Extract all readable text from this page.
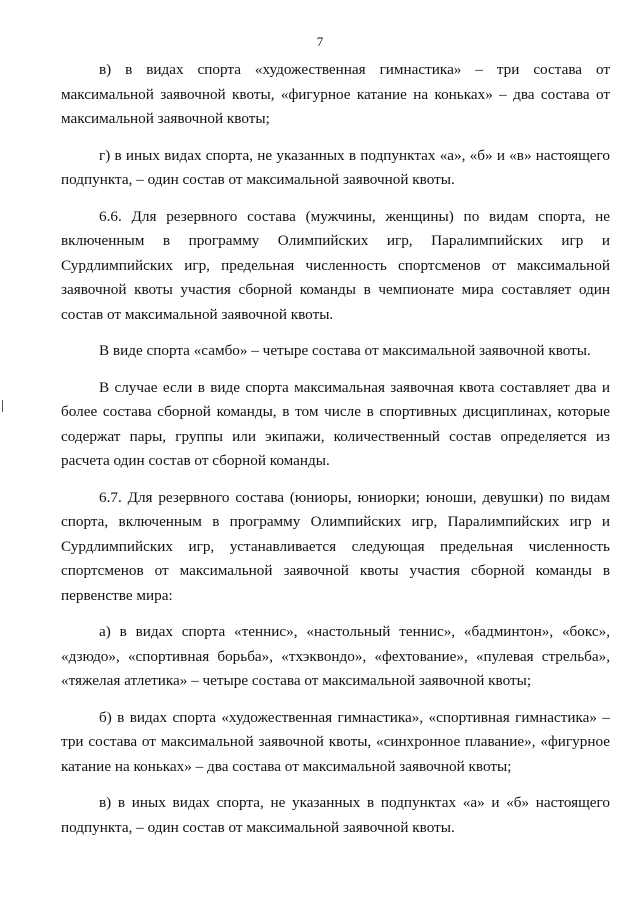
7

в) в видах спорта «художественная гимнастика» – три состава от максимальной заявочной квоты, «фигурное катание на коньках» – два состава от максимальной заявочной квоты;

г) в иных видах спорта, не указанных в подпунктах «а», «б» и «в» настоящего подпункта, – один состав от максимальной заявочной квоты.

6.6. Для резервного состава (мужчины, женщины) по видам спорта, не включенным в программу Олимпийских игр, Паралимпийских игр и Сурдлимпийских игр, предельная численность спортсменов от максимальной заявочной квоты участия сборной команды в чемпионате мира составляет один состав от максимальной заявочной квоты.

В виде спорта «самбо» – четыре состава от максимальной заявочной квоты.

В случае если в виде спорта максимальная заявочная квота составляет два и более состава сборной команды, в том числе в спортивных дисциплинах, которые содержат пары, группы или экипажи, количественный состав определяется из расчета один состав от сборной команды.

6.7. Для резервного состава (юниоры, юниорки; юноши, девушки) по видам спорта, включенным в программу Олимпийских игр, Паралимпийских игр и Сурдлимпийских игр, устанавливается следующая предельная численность спортсменов от максимальной заявочной квоты участия сборной команды в первенстве мира:

а) в видах спорта «теннис», «настольный теннис», «бадминтон», «бокс», «дзюдо», «спортивная борьба», «тхэквондо», «фехтование», «пулевая стрельба», «тяжелая атлетика» – четыре состава от максимальной заявочной квоты;

б) в видах спорта «художественная гимнастика», «спортивная гимнастика» – три состава от максимальной заявочной квоты, «синхронное плавание», «фигурное катание на коньках» – два состава от максимальной заявочной квоты;

в) в иных видах спорта, не указанных в подпунктах «а» и «б» настоящего подпункта, – один состав от максимальной заявочной квоты.
